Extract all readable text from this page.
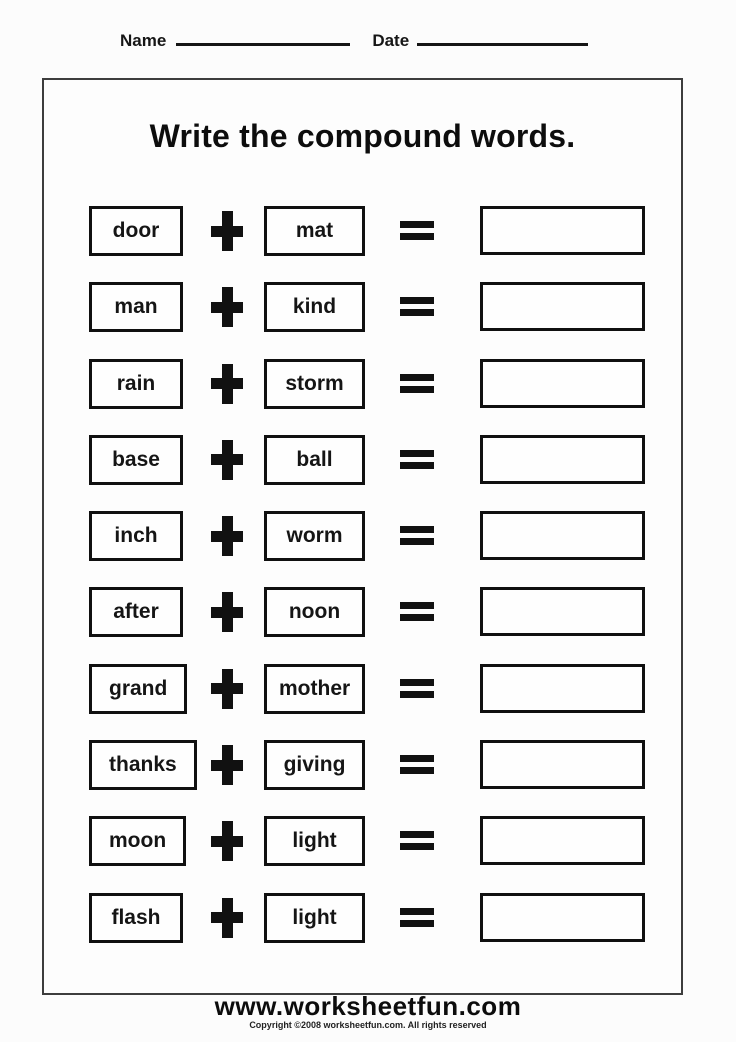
Name	Date
Write the compound words.
door	mat
man	kind
rain	storm
base	ball
inch	worm
after	noon
grand	mother
thanks	giving
moon	light
flash	light
www.worksheetfun.com
Copyright ©2008 worksheetfun.com. All rights reserved
